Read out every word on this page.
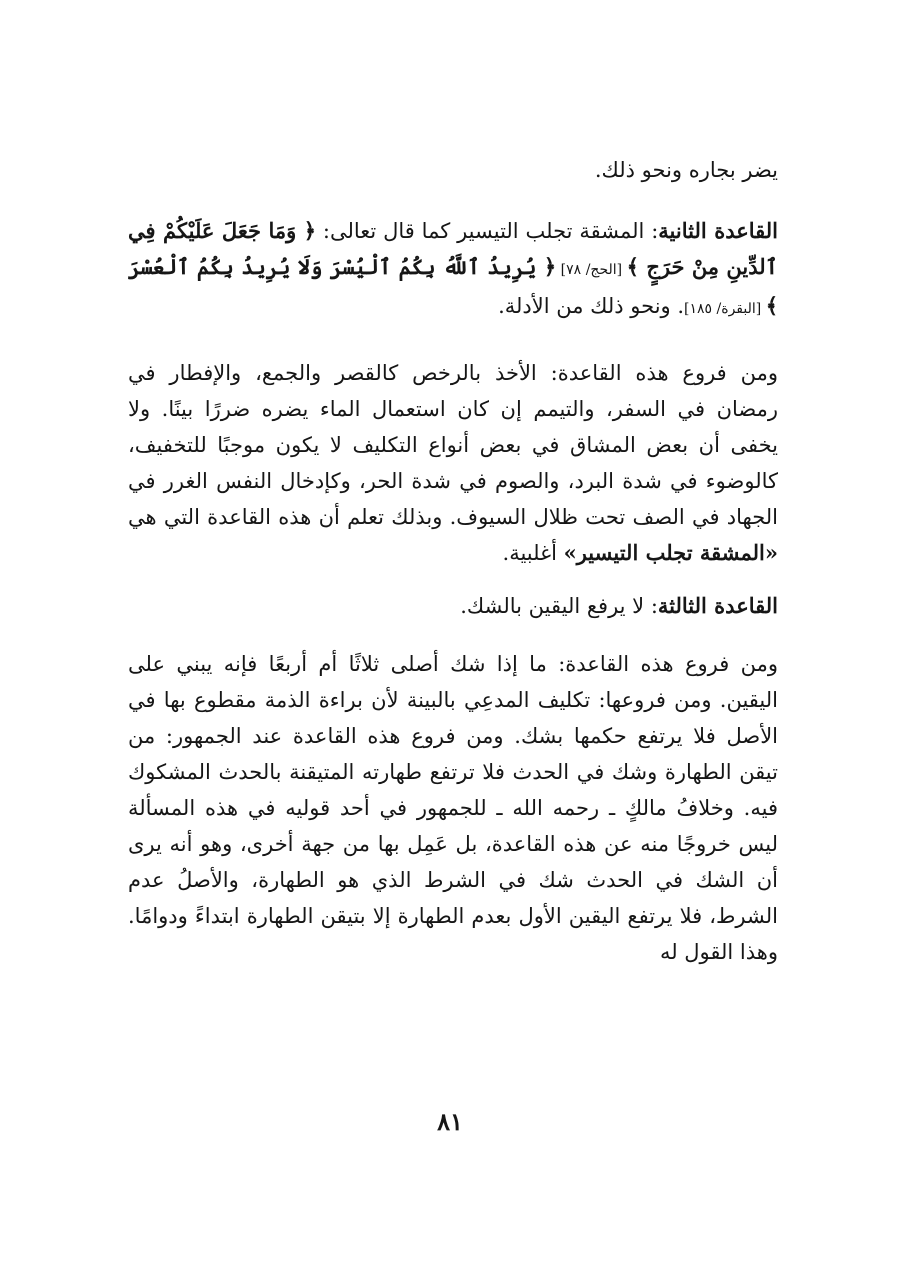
يضر بجاره ونحو ذلك.

القاعدة الثانية: المشقة تجلب التيسير كما قال تعالى: ﴿ وَمَا جَعَلَ عَلَيْكُمْ فِي ٱلدِّينِ مِنْ حَرَجٍ ﴾ [الحج/ ٧٨] ﴿ يُرِيدُ ٱللَّهُ بِكُمُ ٱلْيُسْرَ وَلَا يُرِيدُ بِكُمُ ٱلْعُسْرَ ﴾ [البقرة/ ١٨٥]. ونحو ذلك من الأدلة.

ومن فروع هذه القاعدة: الأخذ بالرخص كالقصر والجمع، والإفطار في رمضان في السفر، والتيمم إن كان استعمال الماء يضره ضررًا بينًا. ولا يخفى أن بعض المشاق في بعض أنواع التكليف لا يكون موجبًا للتخفيف، كالوضوء في شدة البرد، والصوم في شدة الحر، وكإدخال النفس الغرر في الجهاد في الصف تحت ظلال السيوف. وبذلك تعلم أن هذه القاعدة التي هي «المشقة تجلب التيسير» أغلبية.

القاعدة الثالثة: لا يرفع اليقين بالشك.

ومن فروع هذه القاعدة: ما إذا شك أصلى ثلاثًا أم أربعًا فإنه يبني على اليقين. ومن فروعها: تكليف المدعِي بالبينة لأن براءة الذمة مقطوع بها في الأصل فلا يرتفع حكمها بشك. ومن فروع هذه القاعدة عند الجمهور: من تيقن الطهارة وشك في الحدث فلا ترتفع طهارته المتيقنة بالحدث المشكوك فيه. وخلافُ مالكٍ ـ رحمه الله ـ للجمهور في أحد قوليه في هذه المسألة ليس خروجًا منه عن هذه القاعدة، بل عَمِل بها من جهة أخرى، وهو أنه يرى أن الشك في الحدث شك في الشرط الذي هو الطهارة، والأصلُ عدم الشرط، فلا يرتفع اليقين الأول بعدم الطهارة إلا بتيقن الطهارة ابتداءً ودوامًا. وهذا القول له

٨١
